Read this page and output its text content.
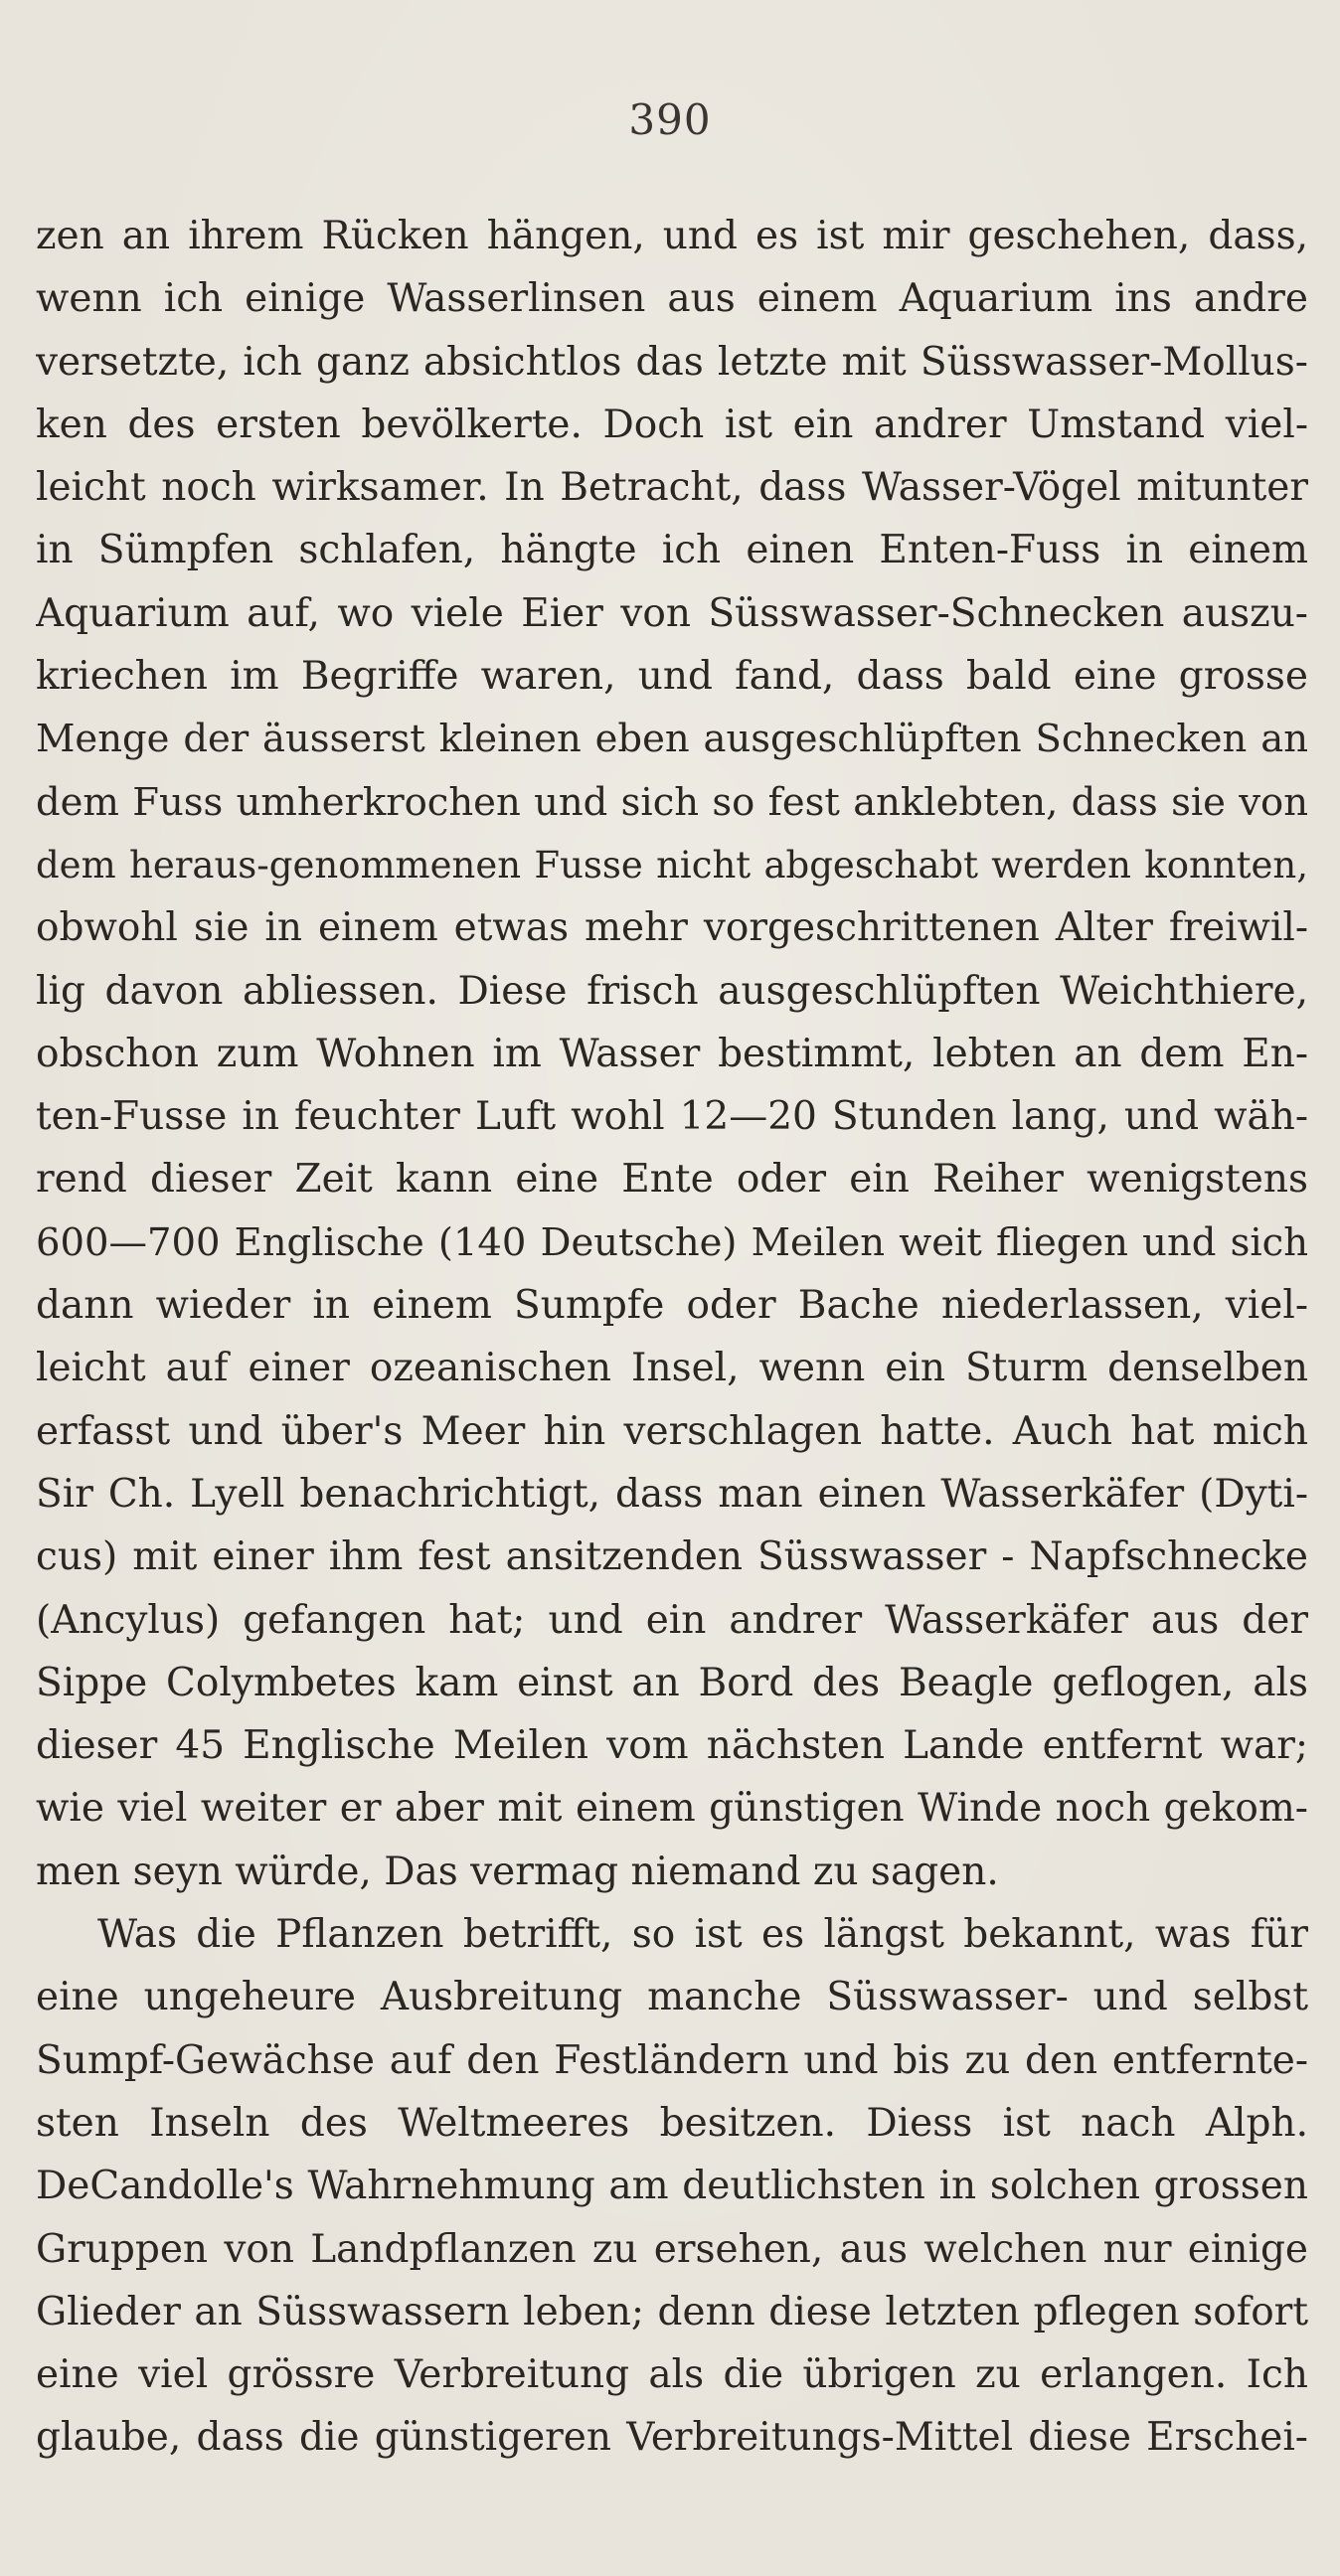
390
zen an ihrem Rücken hängen, und es ist mir geschehen, dass,
wenn ich einige Wasserlinsen aus einem Aquarium ins andre
versetzte, ich ganz absichtlos das letzte mit Süsswasser-Mollus-
ken des ersten bevölkerte. Doch ist ein andrer Umstand viel-
leicht noch wirksamer. In Betracht, dass Wasser-Vögel mitunter
in Sümpfen schlafen, hängte ich einen Enten-Fuss in einem
Aquarium auf, wo viele Eier von Süsswasser-Schnecken auszu-
kriechen im Begriffe waren, und fand, dass bald eine grosse
Menge der äusserst kleinen eben ausgeschlüpften Schnecken an
dem Fuss umherkrochen und sich so fest anklebten, dass sie von
dem heraus-genommenen Fusse nicht abgeschabt werden konnten,
obwohl sie in einem etwas mehr vorgeschrittenen Alter freiwil-
lig davon abliessen. Diese frisch ausgeschlüpften Weichthiere,
obschon zum Wohnen im Wasser bestimmt, lebten an dem En-
ten-Fusse in feuchter Luft wohl 12—20 Stunden lang, und wäh-
rend dieser Zeit kann eine Ente oder ein Reiher wenigstens
600—700 Englische (140 Deutsche) Meilen weit fliegen und sich
dann wieder in einem Sumpfe oder Bache niederlassen, viel-
leicht auf einer ozeanischen Insel, wenn ein Sturm denselben
erfasst und über's Meer hin verschlagen hatte. Auch hat mich
Sir Ch. Lyell benachrichtigt, dass man einen Wasserkäfer (Dyti-
cus) mit einer ihm fest ansitzenden Süsswasser - Napfschnecke
(Ancylus) gefangen hat; und ein andrer Wasserkäfer aus der
Sippe Colymbetes kam einst an Bord des Beagle geflogen, als
dieser 45 Englische Meilen vom nächsten Lande entfernt war;
wie viel weiter er aber mit einem günstigen Winde noch gekom-
men seyn würde, Das vermag niemand zu sagen.
Was die Pflanzen betrifft, so ist es längst bekannt, was für
eine ungeheure Ausbreitung manche Süsswasser- und selbst
Sumpf-Gewächse auf den Festländern und bis zu den entfernte-
sten Inseln des Weltmeeres besitzen. Diess ist nach Alph.
DeCandolle's Wahrnehmung am deutlichsten in solchen grossen
Gruppen von Landpflanzen zu ersehen, aus welchen nur einige
Glieder an Süsswassern leben; denn diese letzten pflegen sofort
eine viel grössre Verbreitung als die übrigen zu erlangen. Ich
glaube, dass die günstigeren Verbreitungs-Mittel diese Erschei-
